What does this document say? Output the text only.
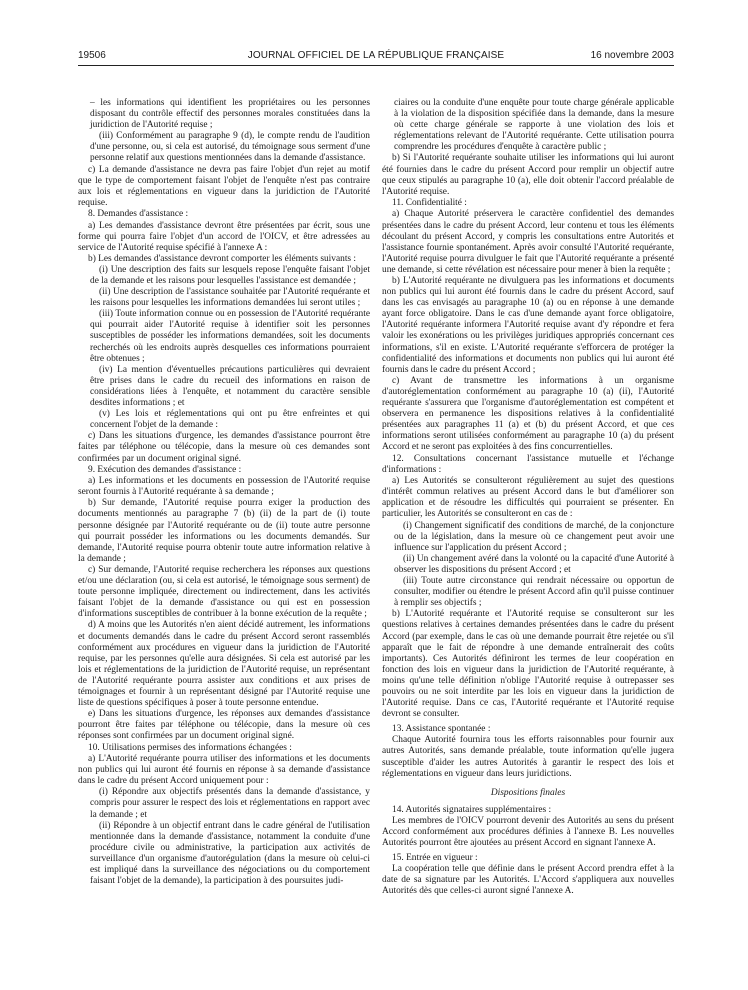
19506	JOURNAL OFFICIEL DE LA RÉPUBLIQUE FRANÇAISE	16 novembre 2003

– les informations qui identifient les propriétaires ou les personnes disposant du contrôle effectif des personnes morales constituées dans la juridiction de l'Autorité requise ;

(iii) Conformément au paragraphe 9 (d), le compte rendu de l'audition d'une personne, ou, si cela est autorisé, du témoignage sous serment d'une personne relatif aux questions mentionnées dans la demande d'assistance.

c) La demande d'assistance ne devra pas faire l'objet d'un rejet au motif que le type de comportement faisant l'objet de l'enquête n'est pas contraire aux lois et réglementations en vigueur dans la juridiction de l'Autorité requise.

8. Demandes d'assistance :

a) Les demandes d'assistance devront être présentées par écrit, sous une forme qui pourra faire l'objet d'un accord de l'OICV, et être adressées au service de l'Autorité requise spécifié à l'annexe A :

b) Les demandes d'assistance devront comporter les éléments suivants :

(i) Une description des faits sur lesquels repose l'enquête faisant l'objet de la demande et les raisons pour lesquelles l'assistance est demandée ;

(ii) Une description de l'assistance souhaitée par l'Autorité requérante et les raisons pour lesquelles les informations demandées lui seront utiles ;

(iii) Toute information connue ou en possession de l'Autorité requérante qui pourrait aider l'Autorité requise à identifier soit les personnes susceptibles de posséder les informations demandées, soit les documents recherchés où les endroits auprès desquelles ces informations pourraient être obtenues ;

(iv) La mention d'éventuelles précautions particulières qui devraient être prises dans le cadre du recueil des informations en raison de considérations liées à l'enquête, et notamment du caractère sensible desdites informations ; et

(v) Les lois et réglementations qui ont pu être enfreintes et qui concernent l'objet de la demande :

c) Dans les situations d'urgence, les demandes d'assistance pourront être faites par téléphone ou télécopie, dans la mesure où ces demandes sont confirmées par un document original signé.

9. Exécution des demandes d'assistance :

a) Les informations et les documents en possession de l'Autorité requise seront fournis à l'Autorité requérante à sa demande ;

b) Sur demande, l'Autorité requise pourra exiger la production des documents mentionnés au paragraphe 7 (b) (ii) de la part de (i) toute personne désignée par l'Autorité requérante ou de (ii) toute autre personne qui pourrait posséder les informations ou les documents demandés. Sur demande, l'Autorité requise pourra obtenir toute autre information relative à la demande ;

c) Sur demande, l'Autorité requise recherchera les réponses aux questions et/ou une déclaration (ou, si cela est autorisé, le témoignage sous serment) de toute personne impliquée, directement ou indirectement, dans les activités faisant l'objet de la demande d'assistance ou qui est en possession d'informations susceptibles de contribuer à la bonne exécution de la requête ;

d) A moins que les Autorités n'en aient décidé autrement, les informations et documents demandés dans le cadre du présent Accord seront rassemblés conformément aux procédures en vigueur dans la juridiction de l'Autorité requise, par les personnes qu'elle aura désignées. Si cela est autorisé par les lois et réglementations de la juridiction de l'Autorité requise, un représentant de l'Autorité requérante pourra assister aux conditions et aux prises de témoignages et fournir à un représentant désigné par l'Autorité requise une liste de questions spécifiques à poser à toute personne entendue.

e) Dans les situations d'urgence, les réponses aux demandes d'assistance pourront être faites par téléphone ou télécopie, dans la mesure où ces réponses sont confirmées par un document original signé.

10. Utilisations permises des informations échangées :

a) L'Autorité requérante pourra utiliser des informations et les documents non publics qui lui auront été fournis en réponse à sa demande d'assistance dans le cadre du présent Accord uniquement pour :

(i) Répondre aux objectifs présentés dans la demande d'assistance, y compris pour assurer le respect des lois et réglementations en rapport avec la demande ; et

(ii) Répondre à un objectif entrant dans le cadre général de l'utilisation mentionnée dans la demande d'assistance, notamment la conduite d'une procédure civile ou administrative, la participation aux activités de surveillance d'un organisme d'autorégulation (dans la mesure où celui-ci est impliqué dans la surveillance des négociations ou du comportement faisant l'objet de la demande), la participation à des poursuites judi-

ciaires ou la conduite d'une enquête pour toute charge générale applicable à la violation de la disposition spécifiée dans la demande, dans la mesure où cette charge générale se rapporte à une violation des lois et réglementations relevant de l'Autorité requérante. Cette utilisation pourra comprendre les procédures d'enquête à caractère public ;

b) Si l'Autorité requérante souhaite utiliser les informations qui lui auront été fournies dans le cadre du présent Accord pour remplir un objectif autre que ceux stipulés au paragraphe 10 (a), elle doit obtenir l'accord préalable de l'Autorité requise.

11. Confidentialité :

a) Chaque Autorité préservera le caractère confidentiel des demandes présentées dans le cadre du présent Accord, leur contenu et tous les éléments découlant du présent Accord, y compris les consultations entre Autorités et l'assistance fournie spontanément. Après avoir consulté l'Autorité requérante, l'Autorité requise pourra divulguer le fait que l'Autorité requérante a présenté une demande, si cette révélation est nécessaire pour mener à bien la requête ;

b) L'Autorité requérante ne divulguera pas les informations et documents non publics qui lui auront été fournis dans le cadre du présent Accord, sauf dans les cas envisagés au paragraphe 10 (a) ou en réponse à une demande ayant force obligatoire. Dans le cas d'une demande ayant force obligatoire, l'Autorité requérante informera l'Autorité requise avant d'y répondre et fera valoir les exonérations ou les privilèges juridiques appropriés concernant ces informations, s'il en existe. L'Autorité requérante s'efforcera de protéger la confidentialité des informations et documents non publics qui lui auront été fournis dans le cadre du présent Accord ;

c) Avant de transmettre les informations à un organisme d'autoréglementation conformément au paragraphe 10 (a) (ii), l'Autorité requérante s'assurera que l'organisme d'autoréglementation est compétent et observera en permanence les dispositions relatives à la confidentialité présentées aux paragraphes 11 (a) et (b) du présent Accord, et que ces informations seront utilisées conformément au paragraphe 10 (a) du présent Accord et ne seront pas exploitées à des fins concurrentielles.

12. Consultations concernant l'assistance mutuelle et l'échange d'informations :

a) Les Autorités se consulteront régulièrement au sujet des questions d'intérêt commun relatives au présent Accord dans le but d'améliorer son application et de résoudre les difficultés qui pourraient se présenter. En particulier, les Autorités se consulteront en cas de :

(i) Changement significatif des conditions de marché, de la conjoncture ou de la législation, dans la mesure où ce changement peut avoir une influence sur l'application du présent Accord ;

(ii) Un changement avéré dans la volonté ou la capacité d'une Autorité à observer les dispositions du présent Accord ; et

(iii) Toute autre circonstance qui rendrait nécessaire ou opportun de consulter, modifier ou étendre le présent Accord afin qu'il puisse continuer à remplir ses objectifs ;

b) L'Autorité requérante et l'Autorité requise se consulteront sur les questions relatives à certaines demandes présentées dans le cadre du présent Accord (par exemple, dans le cas où une demande pourrait être rejetée ou s'il apparaît que le fait de répondre à une demande entraînerait des coûts importants). Ces Autorités définiront les termes de leur coopération en fonction des lois en vigueur dans la juridiction de l'Autorité requérante, à moins qu'une telle définition n'oblige l'Autorité requise à outrepasser ses pouvoirs ou ne soit interdite par les lois en vigueur dans la juridiction de l'Autorité requise. Dans ce cas, l'Autorité requérante et l'Autorité requise devront se consulter.

13. Assistance spontanée :

Chaque Autorité fournira tous les efforts raisonnables pour fournir aux autres Autorités, sans demande préalable, toute information qu'elle jugera susceptible d'aider les autres Autorités à garantir le respect des lois et réglementations en vigueur dans leurs juridictions.

Dispositions finales

14. Autorités signataires supplémentaires :

Les membres de l'OICV pourront devenir des Autorités au sens du présent Accord conformément aux procédures définies à l'annexe B. Les nouvelles Autorités pourront être ajoutées au présent Accord en signant l'annexe A.

15. Entrée en vigueur :

La coopération telle que définie dans le présent Accord prendra effet à la date de sa signature par les Autorités. L'Accord s'appliquera aux nouvelles Autorités dès que celles-ci auront signé l'annexe A.
